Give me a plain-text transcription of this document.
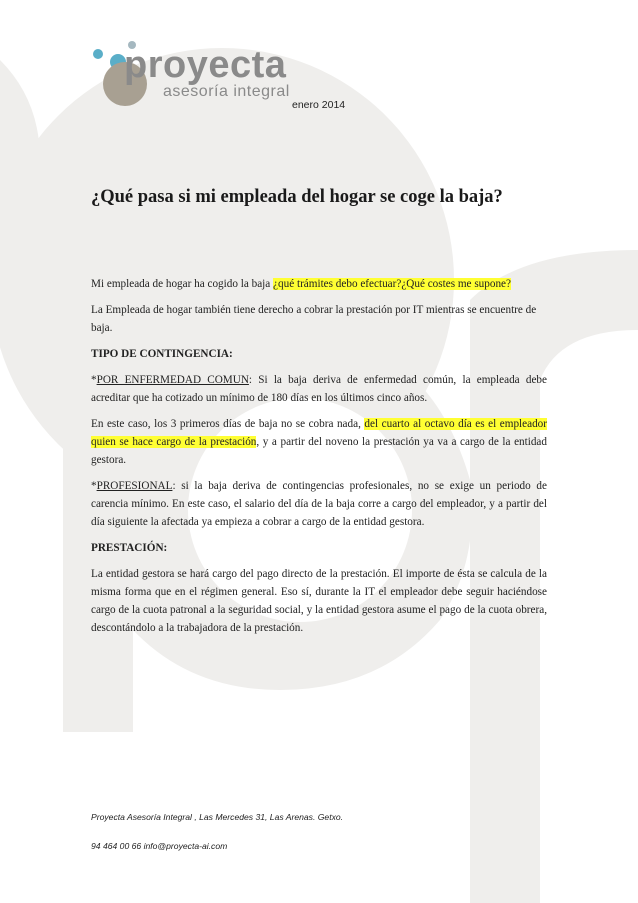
proyecta
asesoría integral
enero 2014
¿Qué pasa si mi empleada del hogar se coge la baja?

Mi empleada de hogar ha cogido la baja ¿qué trámites debo efectuar?¿Qué costes me supone?

La Empleada de hogar también tiene derecho a cobrar la prestación por IT mientras se encuentre de baja.

TIPO DE CONTINGENCIA:

*POR ENFERMEDAD COMUN: Si la baja deriva de enfermedad común, la empleada debe acreditar que ha cotizado un mínimo de 180 días en los últimos cinco años.

En este caso, los 3 primeros días de baja no se cobra nada, del cuarto al octavo día es el empleador quien se hace cargo de la prestación, y a partir del noveno la prestación ya va a cargo de la entidad gestora.

*PROFESIONAL: si la baja deriva de contingencias profesionales, no se exige un periodo de carencia mínimo. En este caso, el salario del día de la baja corre a cargo del empleador, y a partir del día siguiente la afectada ya empieza a cobrar a cargo de la entidad gestora.

PRESTACIÓN:

La entidad gestora se hará cargo del pago directo de la prestación. El importe de ésta se calcula de la misma forma que en el régimen general. Eso sí, durante la IT el empleador debe seguir haciéndose cargo de la cuota patronal a la seguridad social, y la entidad gestora asume el pago de la cuota obrera, descontándolo a la trabajadora de la prestación.

Proyecta Asesoría Integral , Las Mercedes 31, Las Arenas. Getxo.
94 464 00 66 info@proyecta-ai.com
